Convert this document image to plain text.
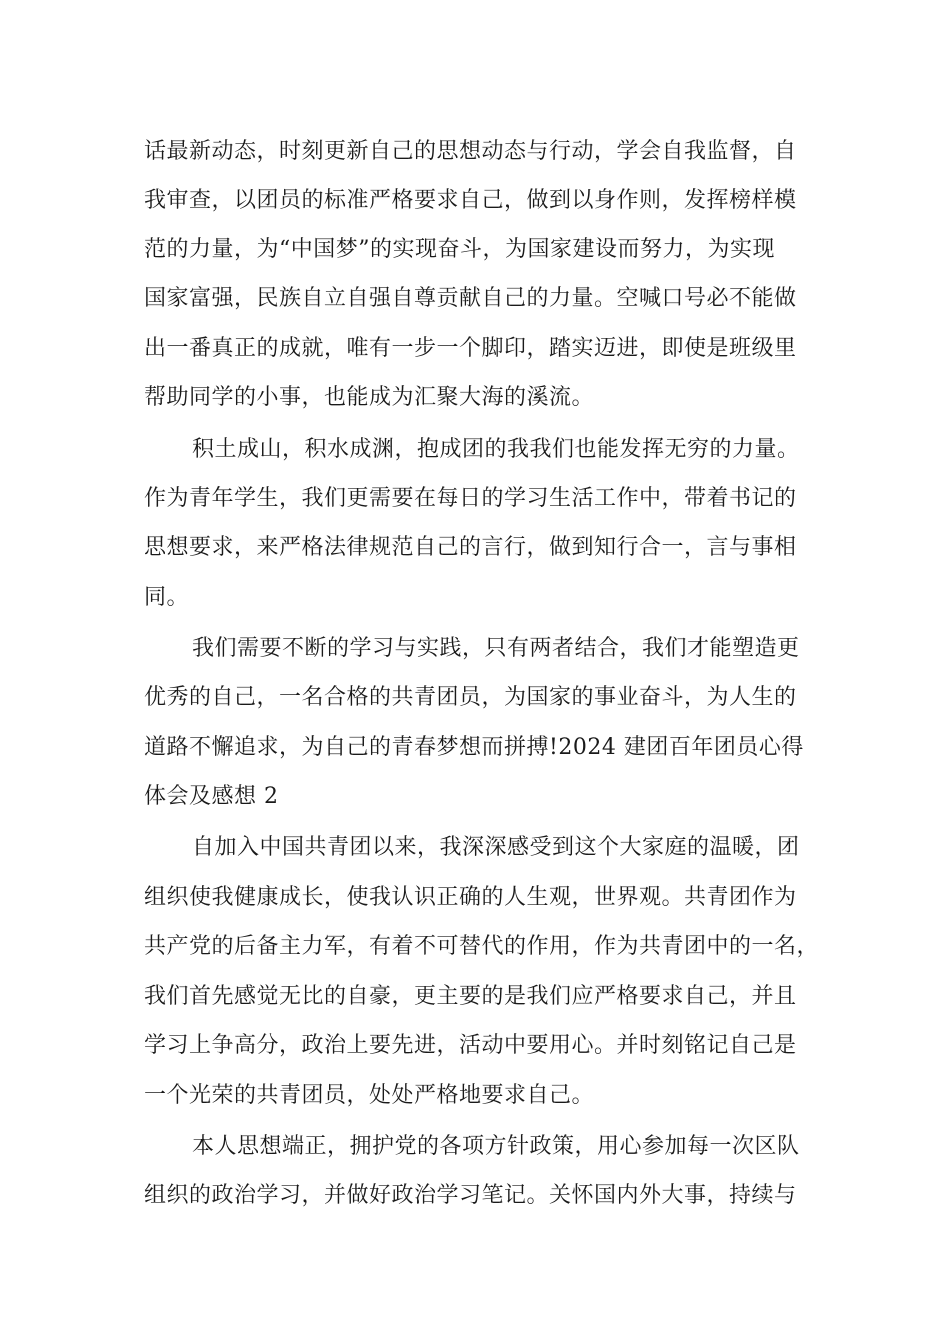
话最新动态，时刻更新自己的思想动态与行动，学会自我监督，自

我审查，以团员的标准严格要求自己，做到以身作则，发挥榜样模

范的力量，为“中国梦”的实现奋斗，为国家建设而努力，为实现

国家富强，民族自立自强自尊贡献自己的力量。空喊口号必不能做

出一番真正的成就，唯有一步一个脚印，踏实迈进，即使是班级里

帮助同学的小事，也能成为汇聚大海的溪流。

积土成山，积水成渊，抱成团的我我们也能发挥无穷的力量。

作为青年学生，我们更需要在每日的学习生活工作中，带着书记的

思想要求，来严格法律规范自己的言行，做到知行合一，言与事相

同。

我们需要不断的学习与实践，只有两者结合，我们才能塑造更

优秀的自己，一名合格的共青团员，为国家的事业奋斗，为人生的

道路不懈追求，为自己的青春梦想而拼搏!2024 建团百年团员心得

体会及感想 2

自加入中国共青团以来，我深深感受到这个大家庭的温暖，团

组织使我健康成长，使我认识正确的人生观，世界观。共青团作为

共产党的后备主力军，有着不可替代的作用，作为共青团中的一名，

我们首先感觉无比的自豪，更主要的是我们应严格要求自己，并且

学习上争高分，政治上要先进，活动中要用心。并时刻铭记自己是

一个光荣的共青团员，处处严格地要求自己。

本人思想端正，拥护党的各项方针政策，用心参加每一次区队

组织的政治学习，并做好政治学习笔记。关怀国内外大事，持续与
